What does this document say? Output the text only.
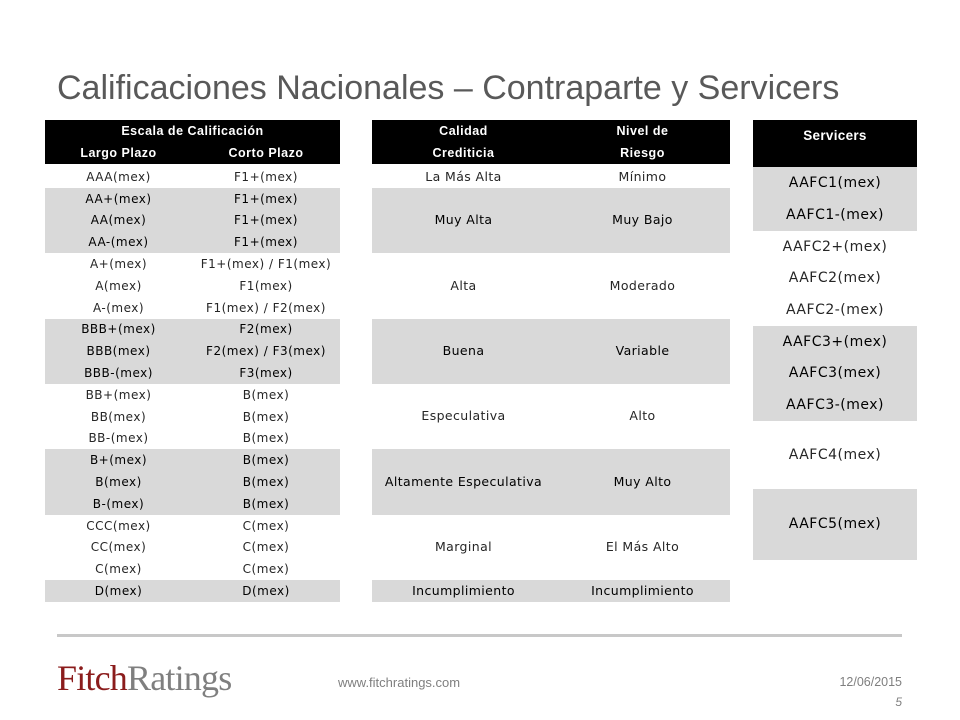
Calificaciones Nacionales – Contraparte y Servicers
Escala de Calificación
Largo Plazo	Corto Plazo
AAA(mex)	F1+(mex)
AA+(mex)	F1+(mex)
AA(mex)	F1+(mex)
AA-(mex)	F1+(mex)
A+(mex)	F1+(mex) / F1(mex)
A(mex)	F1(mex)
A-(mex)	F1(mex) / F2(mex)
BBB+(mex)	F2(mex)
BBB(mex)	F2(mex) / F3(mex)
BBB-(mex)	F3(mex)
BB+(mex)	B(mex)
BB(mex)	B(mex)
BB-(mex)	B(mex)
B+(mex)	B(mex)
B(mex)	B(mex)
B-(mex)	B(mex)
CCC(mex)	C(mex)
CC(mex)	C(mex)
C(mex)	C(mex)
D(mex)	D(mex)
Calidad	Nivel de
Crediticia	Riesgo
La Más Alta	Mínimo
Muy Alta	Muy Bajo
Alta	Moderado
Buena	Variable
Especulativa	Alto
Altamente Especulativa	Muy Alto
Marginal	El Más Alto
Incumplimiento	Incumplimiento
Servicers
AAFC1(mex)
AAFC1-(mex)
AAFC2+(mex)
AAFC2(mex)
AAFC2-(mex)
AAFC3+(mex)
AAFC3(mex)
AAFC3-(mex)
AAFC4(mex)
AAFC5(mex)
FitchRatings	www.fitchratings.com	12/06/2015
5
